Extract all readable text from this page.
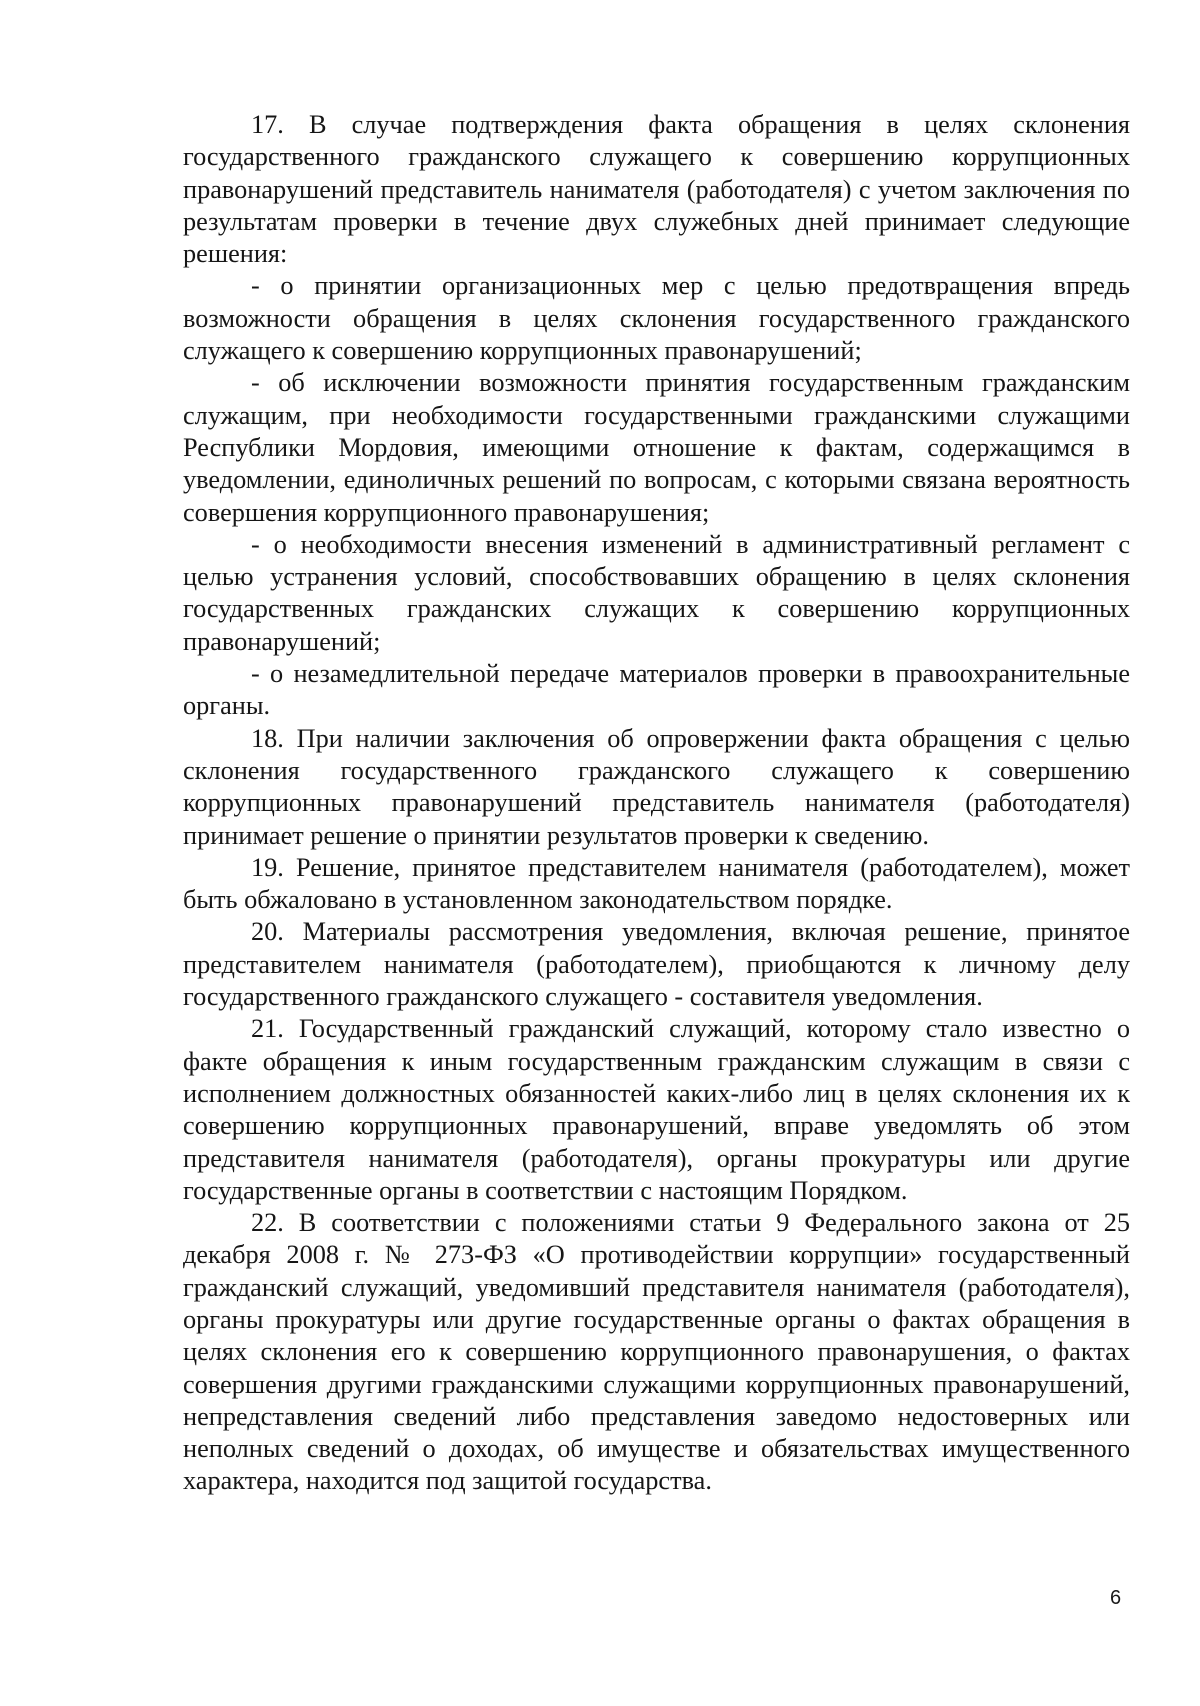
17. В случае подтверждения факта обращения в целях склонения государственного гражданского служащего к совершению коррупционных правонарушений представитель нанимателя (работодателя) с учетом заключения по результатам проверки в течение двух служебных дней принимает следующие решения:

- о принятии организационных мер с целью предотвращения впредь возможности обращения в целях склонения государственного гражданского служащего к совершению коррупционных правонарушений;

- об исключении возможности принятия государственным гражданским служащим, при необходимости государственными гражданскими служащими Республики Мордовия, имеющими отношение к фактам, содержащимся в уведомлении, единоличных решений по вопросам, с которыми связана вероятность совершения коррупционного правонарушения;

- о необходимости внесения изменений в административный регламент с целью устранения условий, способствовавших обращению в целях склонения государственных гражданских служащих к совершению коррупционных правонарушений;

- о незамедлительной передаче материалов проверки в правоохранительные органы.

18. При наличии заключения об опровержении факта обращения с целью склонения государственного гражданского служащего к совершению коррупционных правонарушений представитель нанимателя (работодателя) принимает решение о принятии результатов проверки к сведению.

19. Решение, принятое представителем нанимателя (работодателем), может быть обжаловано в установленном законодательством порядке.

20. Материалы рассмотрения уведомления, включая решение, принятое представителем нанимателя (работодателем), приобщаются к личному делу государственного гражданского служащего - составителя уведомления.

21. Государственный гражданский служащий, которому стало известно о факте обращения к иным государственным гражданским служащим в связи с исполнением должностных обязанностей каких-либо лиц в целях склонения их к совершению коррупционных правонарушений, вправе уведомлять об этом представителя нанимателя (работодателя), органы прокуратуры или другие государственные органы в соответствии с настоящим Порядком.

22. В соответствии с положениями статьи 9 Федерального закона от 25 декабря 2008 г. № 273-ФЗ «О противодействии коррупции» государственный гражданский служащий, уведомивший представителя нанимателя (работодателя), органы прокуратуры или другие государственные органы о фактах обращения в целях склонения его к совершению коррупционного правонарушения, о фактах совершения другими гражданскими служащими коррупционных правонарушений, непредставления сведений либо представления заведомо недостоверных или неполных сведений о доходах, об имуществе и обязательствах имущественного характера, находится под защитой государства.

6
